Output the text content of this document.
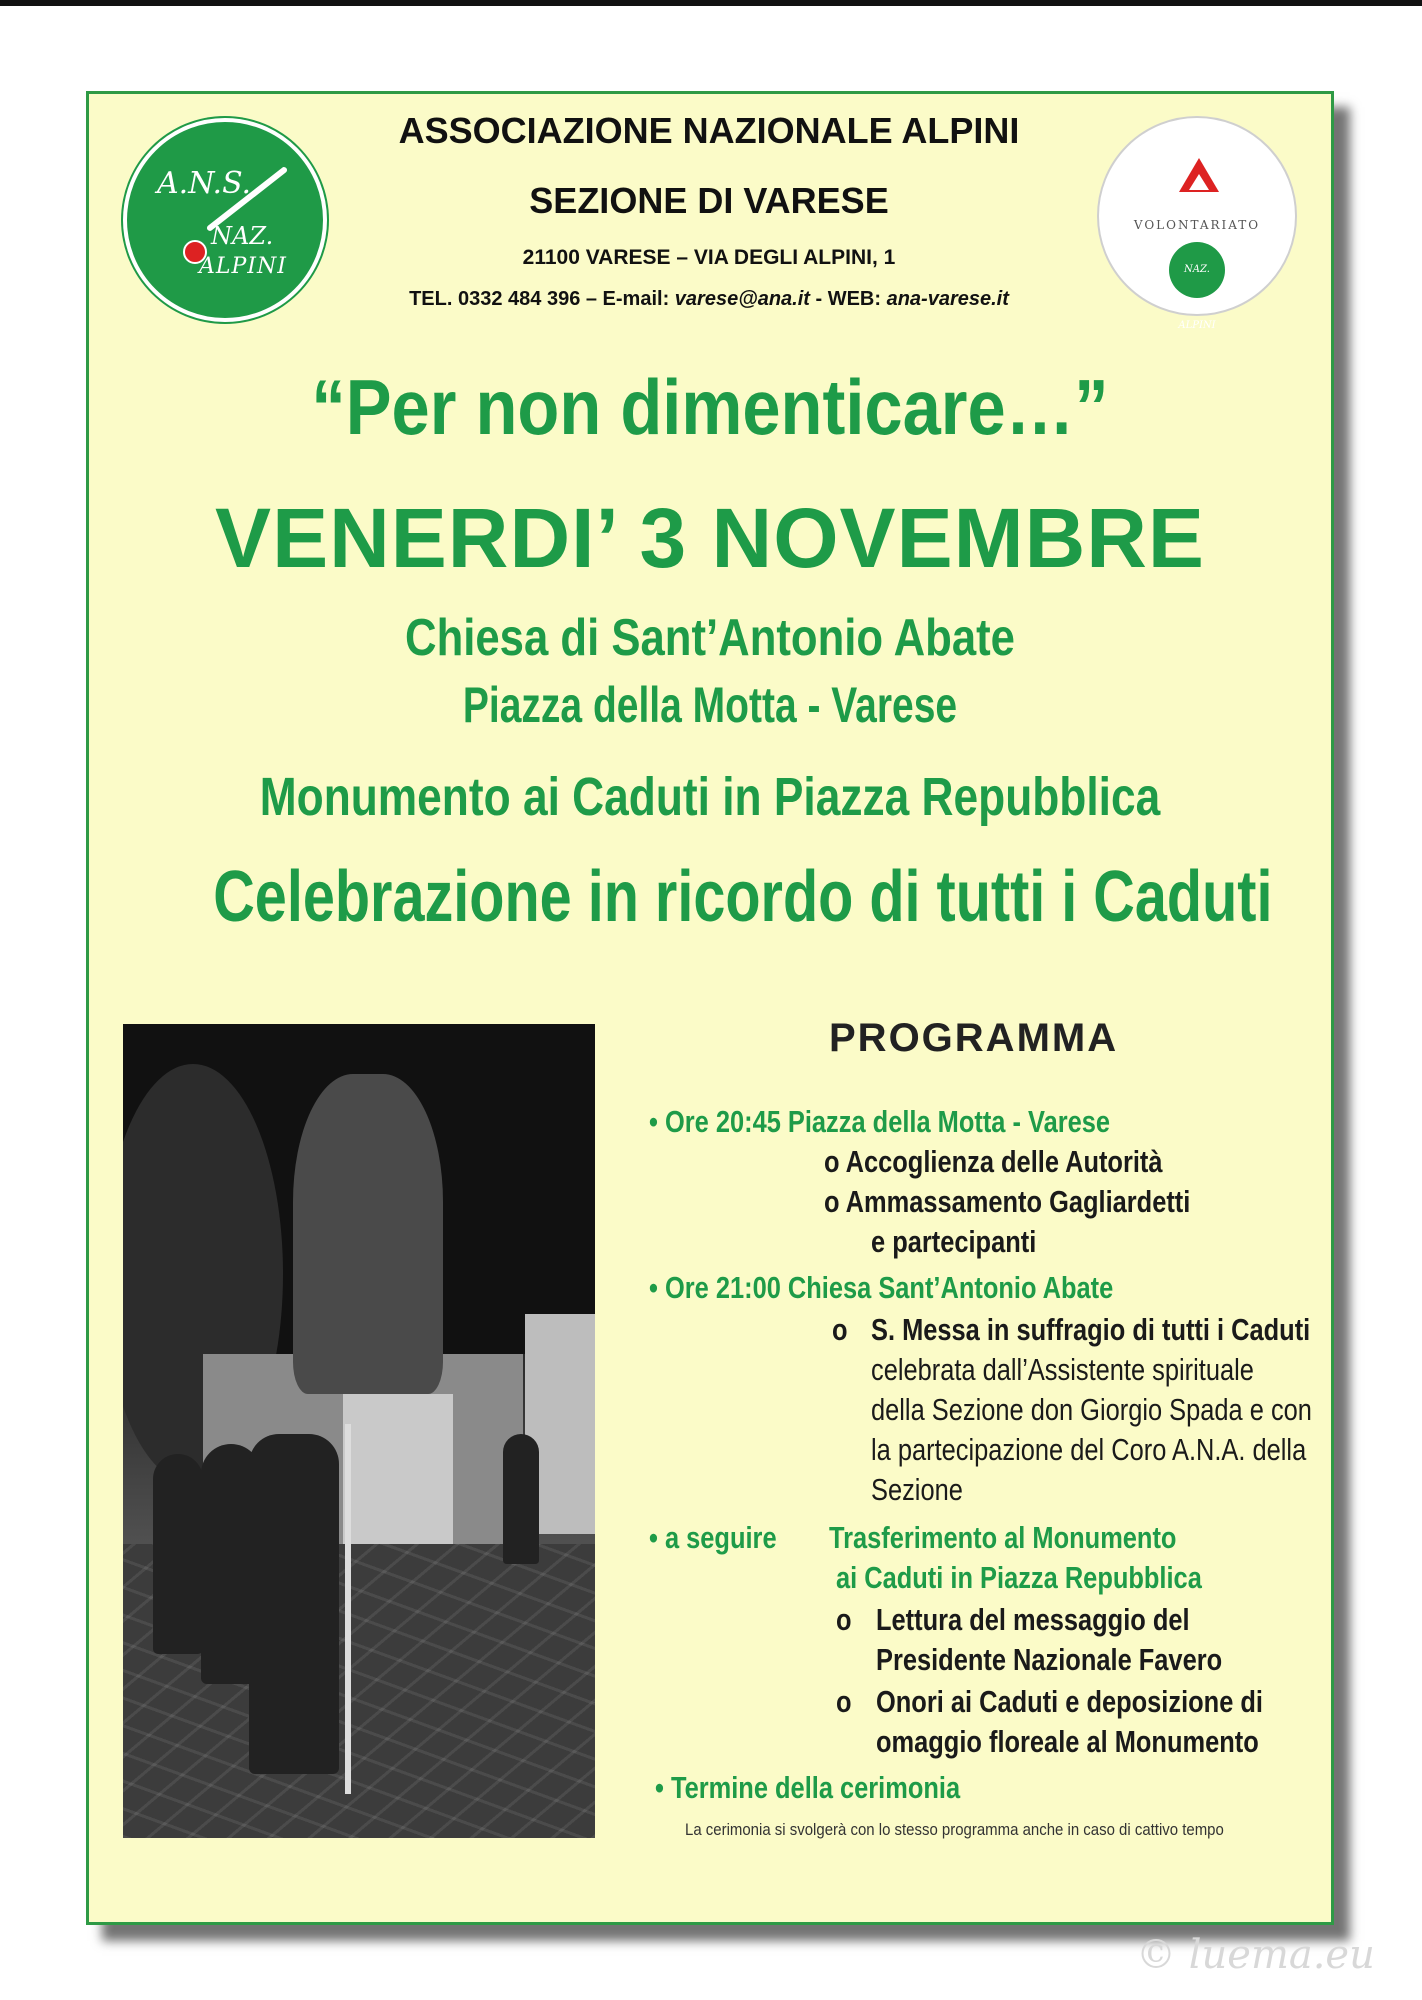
A.N.S.
NAZ.
ALPINI
ASSOCIAZIONE NAZIONALE ALPINI
SEZIONE DI VARESE
21100 VARESE – VIA DEGLI ALPINI, 1
TEL. 0332 484 396 – E-mail: varese@ana.it - WEB: ana-varese.it
VOLONTARIATO
NAZ. ALPINI
“Per non dimenticare…”
VENERDI’ 3 NOVEMBRE
Chiesa di Sant’Antonio Abate
Piazza della Motta - Varese
Monumento ai Caduti in Piazza Repubblica
Celebrazione in ricordo di tutti i Caduti
PROGRAMMA
• Ore 20:45 Piazza della Motta - Varese
o Accoglienza delle Autorità
o Ammassamento Gagliardetti
e partecipanti
• Ore 21:00 Chiesa Sant’Antonio Abate
o S. Messa in suffragio di tutti i Caduti
celebrata dall’Assistente spirituale
della Sezione don Giorgio Spada e con
la partecipazione del Coro A.N.A. della
Sezione
• a seguire Trasferimento al Monumento
ai Caduti in Piazza Repubblica
o Lettura del messaggio del
Presidente Nazionale Favero
o Onori ai Caduti e deposizione di
omaggio floreale al Monumento
• Termine della cerimonia
La cerimonia si svolgerà con lo stesso programma anche in caso di cattivo tempo
© luema.eu
